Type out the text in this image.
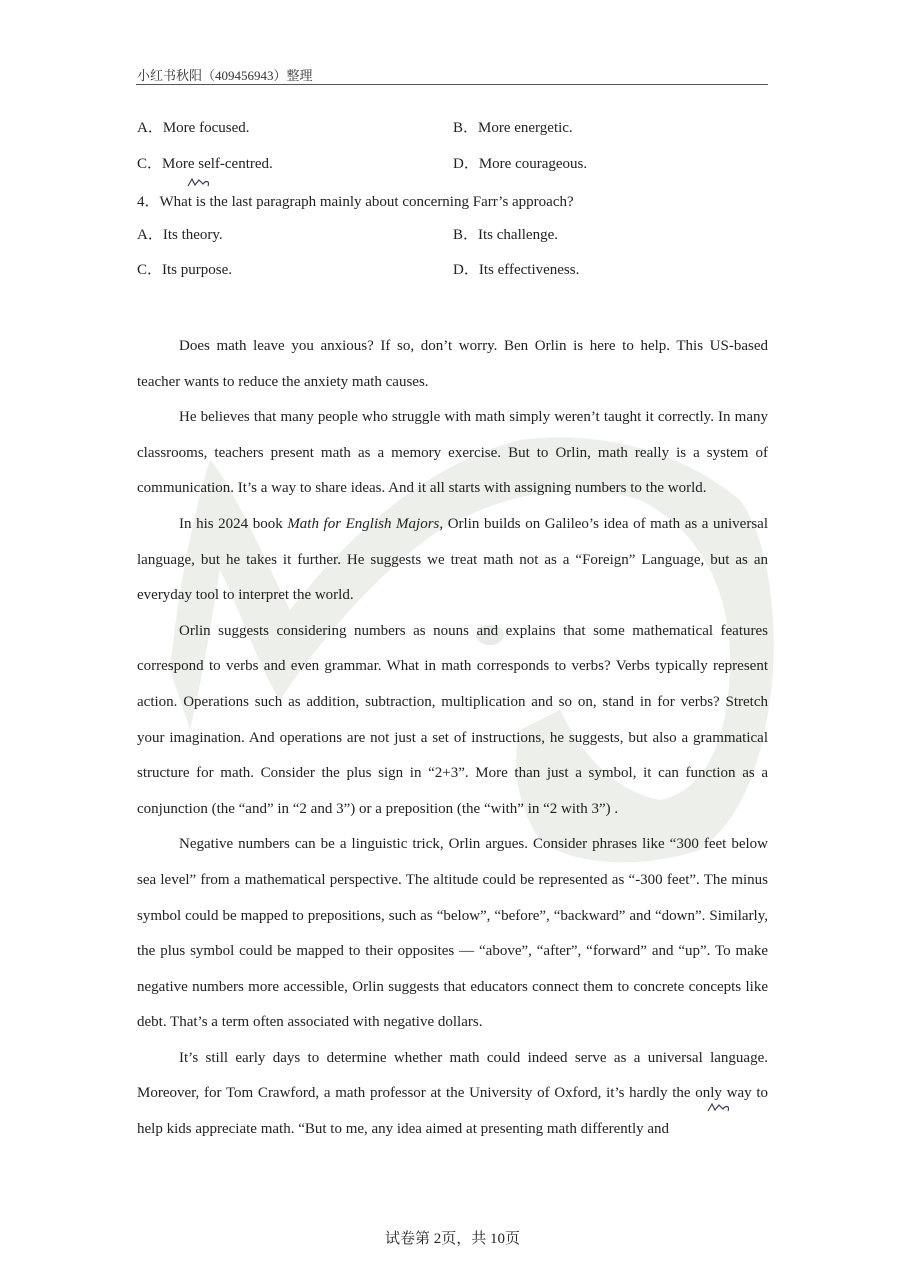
小红书秋阳（409456943）整理
A．More focused.	B．More energetic.
C．More self-centred.	D．More courageous.
4．What is the last paragraph mainly about concerning Farr’s approach?
A．Its theory.	B．Its challenge.
C．Its purpose.	D．Its effectiveness.

Does math leave you anxious? If so, don’t worry. Ben Orlin is here to help. This US-based teacher wants to reduce the anxiety math causes.

He believes that many people who struggle with math simply weren’t taught it correctly. In many classrooms, teachers present math as a memory exercise. But to Orlin, math really is a system of communication. It’s a way to share ideas. And it all starts with assigning numbers to the world.

In his 2024 book Math for English Majors, Orlin builds on Galileo’s idea of math as a universal language, but he takes it further. He suggests we treat math not as a “Foreign” Language, but as an everyday tool to interpret the world.

Orlin suggests considering numbers as nouns and explains that some mathematical features correspond to verbs and even grammar. What in math corresponds to verbs? Verbs typically represent action. Operations such as addition, subtraction, multiplication and so on, stand in for verbs? Stretch your imagination. And operations are not just a set of instructions, he suggests, but also a grammatical structure for math. Consider the plus sign in “2+3”. More than just a symbol, it can function as a conjunction (the “and” in “2 and 3”) or a preposition (the “with” in “2 with 3”) .

Negative numbers can be a linguistic trick, Orlin argues. Consider phrases like “300 feet below sea level” from a mathematical perspective. The altitude could be represented as “-300 feet”. The minus symbol could be mapped to prepositions, such as “below”, “before”, “backward” and “down”. Similarly, the plus symbol could be mapped to their opposites — “above”, “after”, “forward” and “up”. To make negative numbers more accessible, Orlin suggests that educators connect them to concrete concepts like debt. That’s a term often associated with negative dollars.

It’s still early days to determine whether math could indeed serve as a universal language. Moreover, for Tom Crawford, a math professor at the University of Oxford, it’s hardly the only way to help kids appreciate math. “But to me, any idea aimed at presenting math differently and

试卷第 2页，共 10页
